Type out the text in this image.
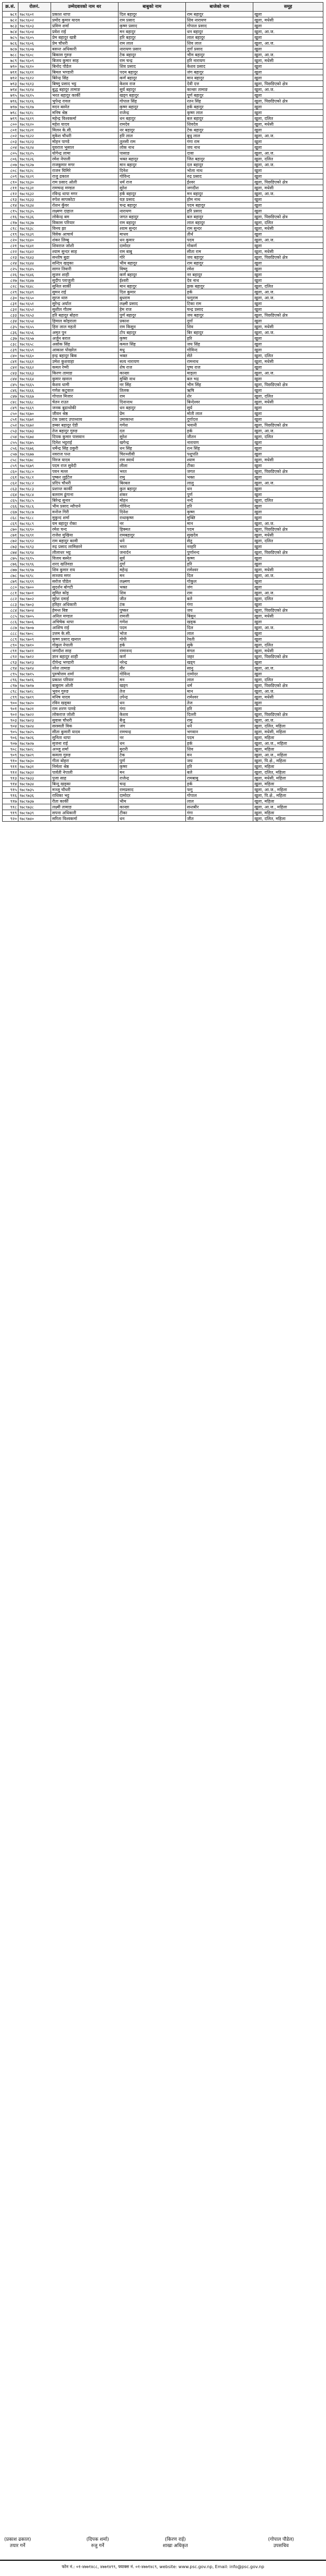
क्र.सं.	रोलनं.	उम्मेदवारको नाम थर	बाबुको नाम	बाजेको नाम	समूह
७८१	९७८९६०१	प्रकाश थापा	दिल बहादुर	राम बहादुर	खुला
७८२	९७८९६०२	प्रमोद कुमार यादव	राम प्रसाद	शिव नारायण	खुला, मधेसी
७८३	९७८९६०३	प्रविण शर्मा	कृष्ण प्रसाद	गोपाल प्रसाद	खुला
७८४	९७८९६०४	प्रवेश राई	मन बहादुर	धन बहादुर	खुला, आ.ज.
७८५	९७८९६०५	प्रेम बहादुर खत्री	हरि बहादुर	लाल बहादुर	खुला
७८६	९७८९६०६	प्रेम चौधरी	राम लाल	शिव लाल	खुला, आ.ज.
७८७	९७८९६०७	बसन्त अधिकारी	नारायण प्रसाद	दुर्गा प्रसाद	खुला
७८८	९७८९६०८	बिकास गुरुङ	टेक बहादुर	भीम बहादुर	खुला, आ.ज.
७८९	९७८९६०९	बिजय कुमार साह	राम चन्द्र	हरि नारायण	खुला, मधेसी
७९०	९७८९६१०	बिनोद पौडेल	शिव प्रसाद	केशव प्रसाद	खुला
७९१	९७८९६११	बिमल भण्डारी	पदम बहादुर	जंग बहादुर	खुला
७९२	९७८९६१२	बिरेन्द्र सिंह	कर्ण बहादुर	मान बहादुर	खुला
७९३	९७८९६१३	बिष्णु प्रसाद भट्ट	केशव राज	देवी दत्त	खुला, पिछडिएको क्षेत्र
७९४	९७८९६१४	बुद्ध बहादुर तामाङ	सुर्य बहादुर	कान्छा तामाङ	खुला, आ.ज.
७९५	९७८९६१५	भरत बहादुर कार्की	खड्ग बहादुर	पूर्ण बहादुर	खुला
७९६	९७८९६१६	भुपेन्द्र रावल	गोपाल सिंह	रतन सिंह	खुला, पिछडिएको क्षेत्र
७९७	९७८९६१७	मदन बस्नेत	कृष्ण बहादुर	हर्क बहादुर	खुला
७९८	९७८९६१८	मनिष श्रेष्ठ	राजेन्द्र	कृष्ण लाल	खुला
७९९	९७८९६१९	महेन्द्र विश्वकर्मा	धन बहादुर	बल बहादुर	खुला, दलित
८००	९७८९६२०	महेश यादव	रामदेव	शिवदेव	खुला, मधेसी
८०१	९७८९६२१	मिलन के.सी.	नर बहादुर	टेक बहादुर	खुला
८०२	९७८९६२२	मुकेश चौधरी	हरि लाल	बुधु लाल	खुला, आ.ज.
८०३	९७८९६२३	मोहन पाण्डे	तुलसी राम	गंगा राम	खुला
८०४	९७८९६२४	युवराज भुसाल	लोक नाथ	जय नाथ	खुला
८०५	९७८९६२५	योगेन्द्र लामा	पासाङ	दावा	खुला, आ.ज.
८०६	९७८९६२६	रमेश नेपाली	भक्त बहादुर	जित बहादुर	खुला, दलित
८०७	९७८९६२७	राजकुमार मगर	मान बहादुर	दल बहादुर	खुला, आ.ज.
८०८	९७८९६२८	राजन घिमिरे	दिनेश	भोला नाथ	खुला
८०९	९७८९६२९	राजु ढकाल	गोविन्द	रुद्र प्रसाद	खुला
८१०	९७८९६३०	राम प्रसाद ओली	धर्म राज	ईश्वर	खुला, पिछडिएको क्षेत्र
८११	९७८९६३१	रामचन्द्र मण्डल	सुरेश	जगदीश	खुला, मधेसी
८१२	९७८९६३२	रविन्द्र थापा मगर	हर्क बहादुर	मन बहादुर	खुला, आ.ज.
८१३	९७८९६३३	रुपेश सापकोटा	यज्ञ प्रसाद	होम नाथ	खुला
८१४	९७८९६३४	रोशन कुँवर	चन्द्र बहादुर	पदम बहादुर	खुला
८१५	९७८९६३५	लक्ष्मण दाहाल	नारायण	हरि प्रसाद	खुला
८१६	९७८९६३६	लोकेन्द्र बम	जगत बहादुर	बल बहादुर	खुला, पिछडिएको क्षेत्र
८१७	९७८९६३७	विकास परियार	राम बहादुर	लाल बहादुर	खुला, दलित
८१८	९७८९६३८	विनय झा	श्याम सुन्दर	राम सुन्दर	खुला, मधेसी
८१९	९७८९६३९	विवेक आचार्य	माधव	तीर्थ	खुला
८२०	९७८९६४०	शंकर लिम्बु	धन कुमार	पदम	खुला, आ.ज.
८२१	९७८९६४१	शिवराज जोशी	दामोदर	गोकर्ण	खुला
८२२	९७८९६४२	श्याम सुन्दर साह	राम बाबु	सीता राम	खुला, मधेसी
८२३	९७८९६४३	सन्तोष बुढा	गोरे	जय बहादुर	खुला, पिछडिएको क्षेत्र
८२४	९७८९६४४	सन्दिप खड्का	भीम बहादुर	राम बहादुर	खुला
८२५	९७८९६४५	सागर तिवारी	विष्णु	रमेश	खुला
८२६	९७८९६४६	सुजन शाही	कर्ण बहादुर	नर बहादुर	खुला
८२७	९७८९६४७	सुदीप पराजुली	ईश्वरी	देव नाथ	खुला
८२८	९७८९६४८	सुनिल सार्की	मान बहादुर	झक बहादुर	खुला, दलित
८२९	९७८९६४९	सुमन राई	दिल कुमार	हर्क	खुला, आ.ज.
८३०	९७८९६५०	सुरज थारु	बुधराम	फगुराम	खुला, आ.ज.
८३१	९७८९६५१	सुरेन्द्र अर्याल	लक्ष्मी प्रसाद	टिका राम	खुला
८३२	९७८९६५२	सुशील गौतम	हेम राज	चन्द्र प्रसाद	खुला
८३३	९७८९६५३	हरि बहादुर बोहरा	पुर्ण बहादुर	जय बहादुर	खुला, पिछडिएको क्षेत्र
८३४	९७८९६५४	हिमाल कोइराला	प्रकाश	दुर्गा	खुला
८३५	९७८९६५५	हिरा लाल महतो	राम किसुन	शिव	खुला, मधेसी
८३६	९७८९६५६	अमृत पुन	टोप बहादुर	बिर बहादुर	खुला, आ.ज.
८३७	९७८९६५७	अर्जुन बराल	कृष्ण	हरि	खुला
८३८	९७८९६५८	असोक सिंह	कमल सिंह	जय सिंह	खुला
८३९	९७८९६५९	आकाश पोखरेल	मधु	गोविन्द	खुला
८४०	९७८९६६०	इन्द्र बहादुर बिक	भक्त	सेते	खुला, दलित
८४१	९७८९६६१	उमेश कुशवाहा	सत्य नारायण	रामनाथ	खुला, मधेसी
८४२	९७८९६६२	कमल रेग्मी	शेष राज	पुष्प राज	खुला
८४३	९७८९६६३	किरण तामाङ	कान्छा	माइला	खुला, आ.ज.
८४४	९७८९६६४	कुमार खनाल	मुक्ति नाथ	बल भद्र	खुला
८४५	९७८९६६५	केशव धामी	नर सिंह	भीम सिंह	खुला, पिछडिएको क्षेत्र
८४६	९७८९६६६	गणेश कटुवाल	तिलक	ऋषि	खुला
८४७	९७८९६६७	गोपाल मिजार	राम	शेर	खुला, दलित
८४८	९७८९६६८	चेतन राउत	दिनानाथ	बिन्देश्वर	खुला, मधेसी
८४९	९७८९६६९	जनक बुढाथोकी	धन बहादुर	सुर्य	खुला
८५०	९७८९६७०	जीवन श्रेष्ठ	प्रेम	मोती लाल	खुला
८५१	९७८९६७१	टंक प्रसाद उपाध्याय	उमाकान्त	दुर्गादत्त	खुला
८५२	९७८९६७२	डम्बर बहादुर ऐडी	गणेश	भवानी	खुला, पिछडिएको क्षेत्र
८५३	९७८९६७३	तेज बहादुर गुरुङ	दल	हर्क	खुला, आ.ज.
८५४	९७८९६७४	दिपक कुमार पासवान	सुरेश	जीतन	खुला, दलित
८५५	९७८९६७५	दिनेश भट्टराई	खगेन्द्र	नारायण	खुला
८५६	९७८९६७६	धर्मेन्द्र सिंह ठकुरी	धन सिंह	रत्न सिंह	खुला
८५७	९७८९६७७	नवराज पन्त	चिरञ्जीवी	पशुपति	खुला
८५८	९७८९६७८	निरज यादव	राम स्वार्थ	श्याम	खुला, मधेसी
८५९	९७८९६७९	पदम राज सुवेदी	लीला	टीका	खुला
८६०	९७८९६८०	पवन मल्ल	भरत	जगत	खुला, पिछडिएको क्षेत्र
८६१	९७८९६८१	पुष्कर लुईटेल	रामु	भक्त	खुला
८६२	९७८९६८२	प्रदिप चौधरी	बिरबल	लालु	खुला, आ.ज.
८६३	९७८९६८३	प्रशान्त कार्की	कुल बहादुर	धन	खुला
८६४	९७८९६८४	बलराम ढुंगाना	शंकर	पुर्ण	खुला
८६५	९७८९६८५	बिरेन्द्र सुनार	मोहन	नन्दे	खुला, दलित
८६६	९७८९६८६	भीम प्रसाद न्यौपाने	गोविन्द	हरि	खुला
८६७	९७८९६८७	मनोज गिरी	दिनेश	कृष्ण	खुला
८६८	९७८९६८८	मुकुन्द शर्मा	राधाकृष्ण	मुक्ति	खुला
८६९	९७८९६८९	यम बहादुर रोका	नर	मान	खुला, आ.ज.
८७०	९७८९६९०	रमेश चन्द	हिक्मत	पदम	खुला, पिछडिएको क्षेत्र
८७१	९७८९६९१	राजेश मुखिया	रामबहादुर	सुखदेव	खुला, मधेसी
८७२	९७८९६९२	राम बहादुर कामी	धने	सेतु	खुला, दलित
८७३	९७८९६९३	रुद्र प्रसाद लामिछाने	भरत	नरहरि	खुला
८७४	९७८९६९४	लीलाधर भट्ट	जनार्दन	पुर्णानन्द	खुला, पिछडिएको क्षेत्र
८७५	९७८९६९५	विजय बस्नेत	सुर्य	कृष्ण	खुला
८७६	९७८९६९६	शरद खतिवडा	दुर्गा	हरि	खुला
८७७	९७८९६९७	शिव कुमार राय	महेन्द्र	रामेश्वर	खुला, मधेसी
८७८	९७८९६९८	सञ्जय मगर	मन	दिल	खुला, आ.ज.
८७९	९७८९६९९	सरोज पौडेल	लक्ष्मण	गोकुल	खुला
८८०	९७८९७००	सुदर्शन बोगटी	भक्त	जंग	खुला
८८१	९७८९७०१	सुमित कोइ	शिव	राम	खुला, आ.ज.
८८२	९७८९७०२	सुरेश दमाई	जीत	बले	खुला, दलित
८८३	९७८९७०३	हरिहर अधिकारी	टंक	गंगा	खुला
८८४	९७८९७०४	हेमन्त बिष्ट	पुष्कर	जय	खुला, पिछडिएको क्षेत्र
८८५	९७८९७०५	अनिल मण्डल	रामजी	बिसुन	खुला, मधेसी
८८६	९७८९७०६	अभिषेक थापा	गणेश	खड्क	खुला
८८७	९७८९७०७	आशिष राई	पदम	दिल	खुला, आ.ज.
८८८	९७८९७०८	उत्तम के.सी.	भोज	लाल	खुला
८८९	९७८९७०९	कृष्ण प्रसाद खनाल	गोपी	रेवती	खुला
८९०	९७८९७१०	गोकुल नेपाली	हर्क	सुके	खुला, दलित
८९१	९७८९७११	जगदीश साह	रामानन्द	मंगल	खुला, मधेसी
८९२	९७८९७१२	ज्ञान बहादुर शाही	कर्ण	जहर	खुला, पिछडिएको क्षेत्र
८९३	९७८९७१३	दीपेन्द्र भण्डारी	नरेन्द्र	खड्ग	खुला
८९४	९७८९७१४	नरेश तामाङ	वीर	सानु	खुला, आ.ज.
८९५	९७८९७१५	पुरुषोत्तम शर्मा	गोविन्द	दामोदर	खुला
८९६	९७८९७१६	प्रकाश परियार	मन	लाल	खुला, दलित
८९७	९७८९७१७	बाबुराम ओली	खड्ग	धर्म	खुला, पिछडिएको क्षेत्र
८९८	९७८९७१८	भुवन गुरुङ	तेज	मान	खुला, आ.ज.
८९९	९७८९७१९	मनिष यादव	उपेन्द्र	रामेश्वर	खुला, मधेसी
९००	९७८९७२०	रविन खड्का	धन	तेज	खुला
९०१	९७८९७२१	राम शरण पाण्डे	गंगा	हरि	खुला
९०२	९७८९७२२	लोकराज जोशी	केशव	दिल्ली	खुला, पिछडिएको क्षेत्र
९०३	९७८९७२३	सुवास चौधरी	बैजु	रामु	खुला, आ.ज.
९०४	९७८९७२४	सरस्वती विक	जंग	धने	खुला, दलित, महिला
९०५	९७८९७२५	सीता कुमारी यादव	रामचन्द्र	भगवान	खुला, मधेसी, महिला
९०६	९७८९७२६	सुनिता थापा	नर	पदम	खुला, महिला
९०७	९७८९७२७	सृजना राई	धन	हर्क	खुला, आ.ज., महिला
९०८	९७८९७२८	अञ्जु शर्मा	मुरारी	शिव	खुला, महिला
९०९	९७८९७२९	कमला गुरुङ	टेक	मन	खुला, आ.ज., महिला
९१०	९७८९७३०	गीता बोहरा	पुर्ण	जय	खुला, पि.क्षे., महिला
९११	९७८९७३१	निर्मला श्रेष्ठ	कृष्ण	हरि	खुला, महिला
९१२	९७८९७३२	पार्वती नेपाली	मन	बले	खुला, दलित, महिला
९१३	९७८९७३३	पुजा साह	राजेन्द्र	रामबाबु	खुला, मधेसी, महिला
९१४	९७८९७३४	बिन्दु खड्का	चन्द्र	हर्क	खुला, महिला
९१५	९७८९७३५	मञ्जु चौधरी	रामप्रसाद	फगु	खुला, आ.ज., महिला
९१६	९७८९७३६	राधिका भट्ट	दामोदर	गोपाल	खुला, पि.क्षे., महिला
९१७	९७८९७३७	रीता कार्की	भीम	लाल	खुला, महिला
९१८	९७८९७३८	लक्ष्मी तामाङ	कान्छा	सन्तबीर	खुला, आ.ज., महिला
९१९	९७८९७३९	सपना अधिकारी	टीका	गंगा	खुला, महिला
९२०	९७८९७४०	सरिता विश्वकर्मा	धन	जीत	खुला, दलित, महिला
(प्रकाश ढकाल)
तयार गर्ने
(दिपक शर्मा)
रुजु गर्ने
(किरण राई)
शाखा अधिकृत
(गोपाल पौडेल)
उपसचिव
फोन नं.: ०१-४७७१४८८, ४७७१४९९, फ्याक्स नं. ०१-४७७१४८९, website: www.psc.gov.np, Email: info@psc.gov.np
